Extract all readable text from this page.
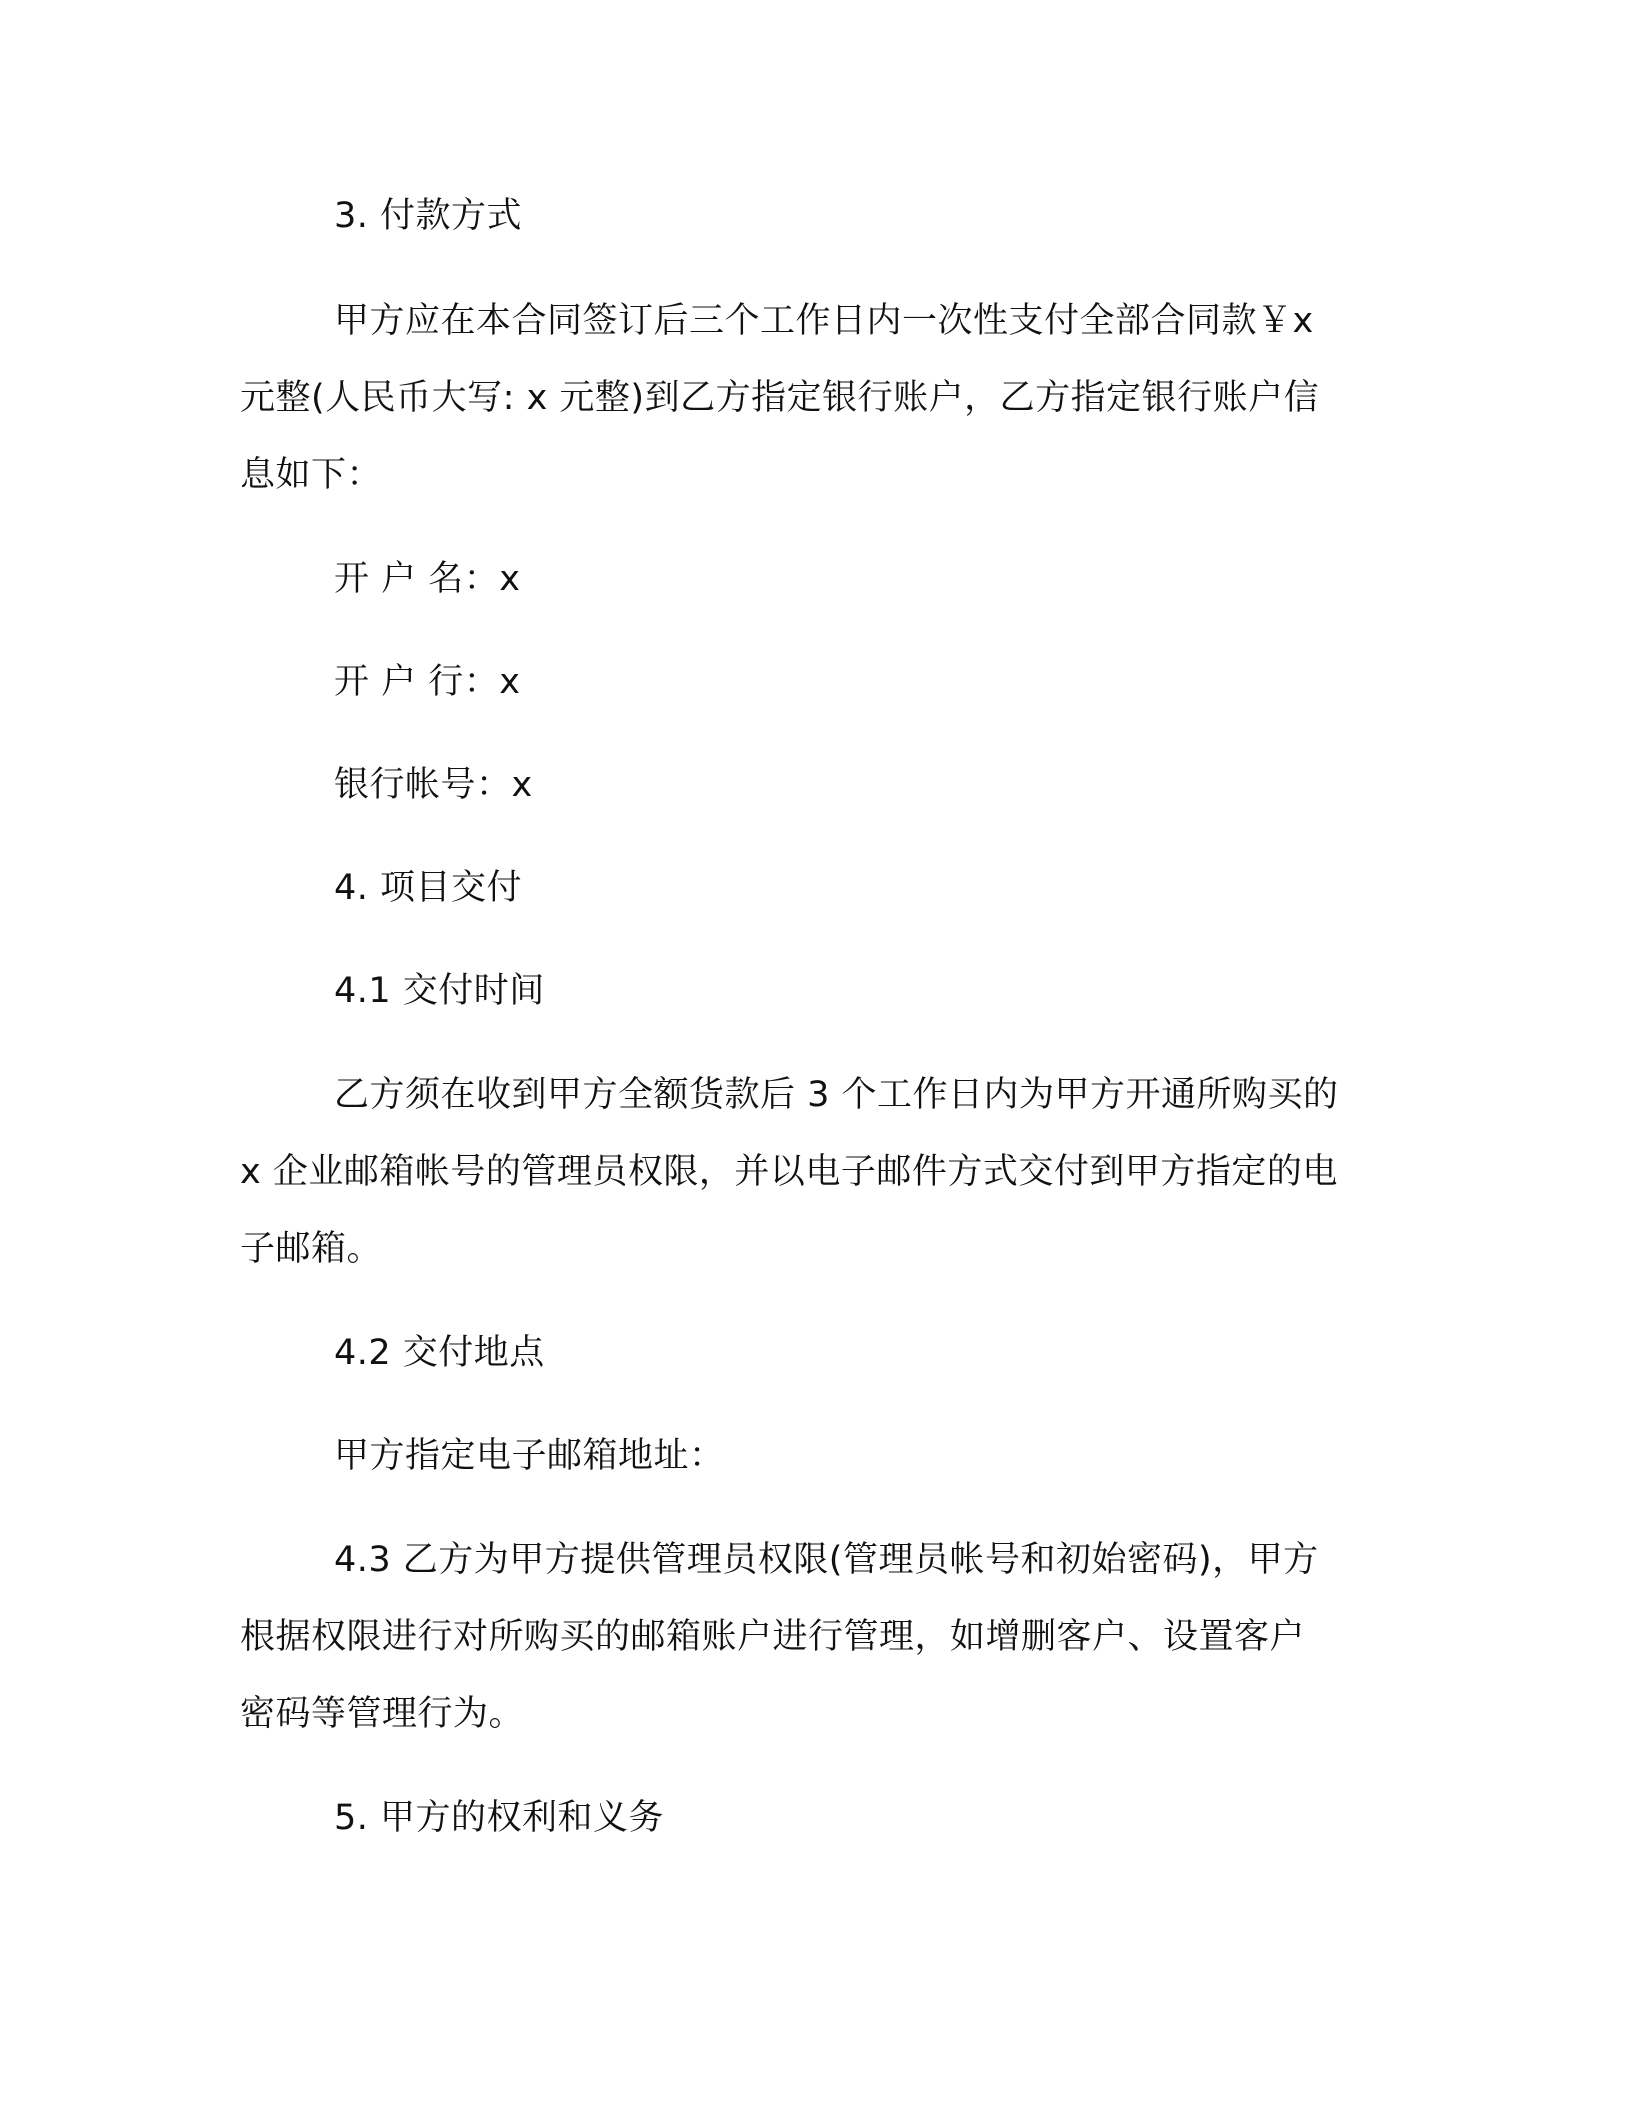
3. 付款方式
甲方应在本合同签订后三个工作日内一次性支付全部合同款￥x
元整(人民币大写: x 元整)到乙方指定银行账户，乙方指定银行账户信
息如下：
开 户 名：x
开 户 行：x
银行帐号：x
4. 项目交付
4.1 交付时间
乙方须在收到甲方全额货款后 3 个工作日内为甲方开通所购买的
x 企业邮箱帐号的管理员权限，并以电子邮件方式交付到甲方指定的电
子邮箱。
4.2 交付地点
甲方指定电子邮箱地址：
4.3 乙方为甲方提供管理员权限(管理员帐号和初始密码)，甲方
根据权限进行对所购买的邮箱账户进行管理，如增删客户、设置客户
密码等管理行为。
5. 甲方的权利和义务
